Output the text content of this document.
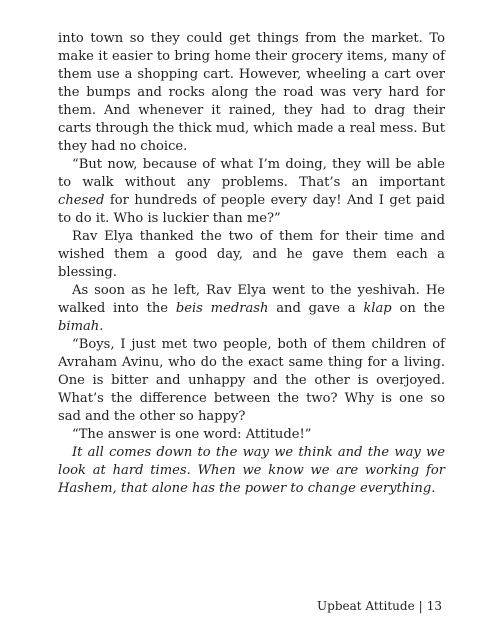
into town so they could get things from the market. To make it easier to bring home their grocery items, many of them use a shopping cart. However, wheeling a cart over the bumps and rocks along the road was very hard for them. And whenever it rained, they had to drag their carts through the thick mud, which made a real mess. But they had no choice.

“But now, because of what I’m doing, they will be able to walk without any problems. That’s an important chesed for hundreds of people every day! And I get paid to do it. Who is luckier than me?”

Rav Elya thanked the two of them for their time and wished them a good day, and he gave them each a blessing.

As soon as he left, Rav Elya went to the yeshivah. He walked into the beis medrash and gave a klap on the bimah.

“Boys, I just met two people, both of them children of Avraham Avinu, who do the exact same thing for a living. One is bitter and unhappy and the other is overjoyed. What’s the difference between the two? Why is one so sad and the other so happy?

“The answer is one word: Attitude!”

It all comes down to the way we think and the way we look at hard times. When we know we are working for Hashem, that alone has the power to change everything.

Upbeat Attitude | 13
